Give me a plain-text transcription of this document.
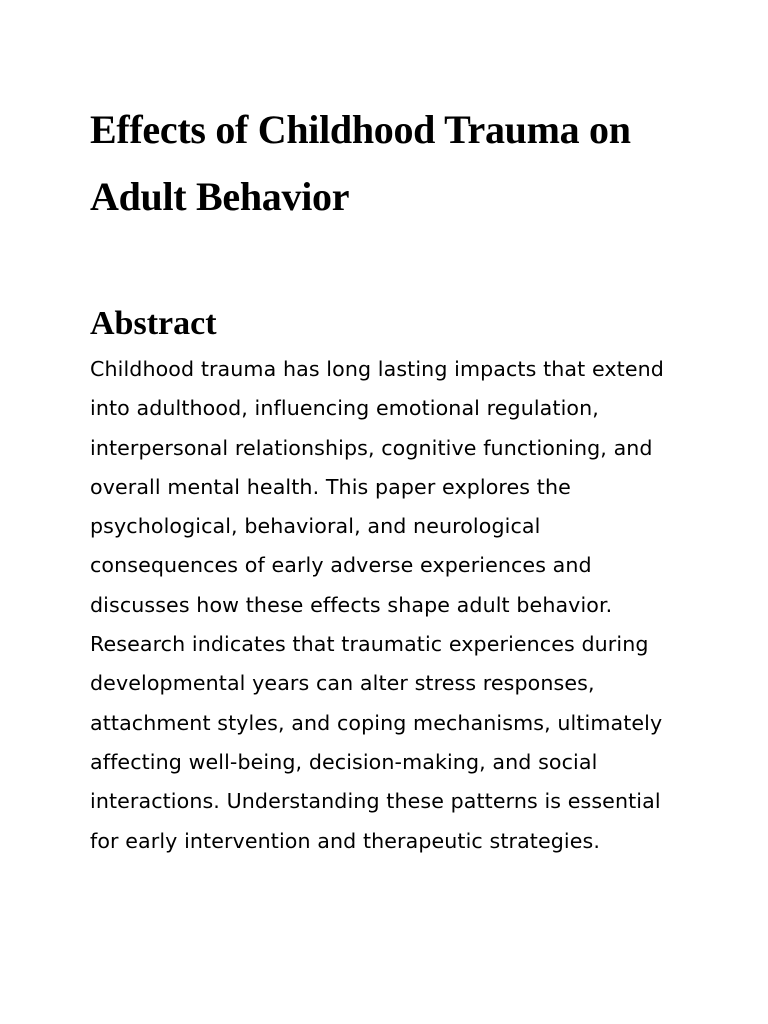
Effects of Childhood Trauma on Adult Behavior
Abstract

Childhood trauma has long lasting impacts that extend into adulthood, influencing emotional regulation, interpersonal relationships, cognitive functioning, and overall mental health. This paper explores the psychological, behavioral, and neurological consequences of early adverse experiences and discusses how these effects shape adult behavior. Research indicates that traumatic experiences during developmental years can alter stress responses, attachment styles, and coping mechanisms, ultimately affecting well-being, decision-making, and social interactions. Understanding these patterns is essential for early intervention and therapeutic strategies.
